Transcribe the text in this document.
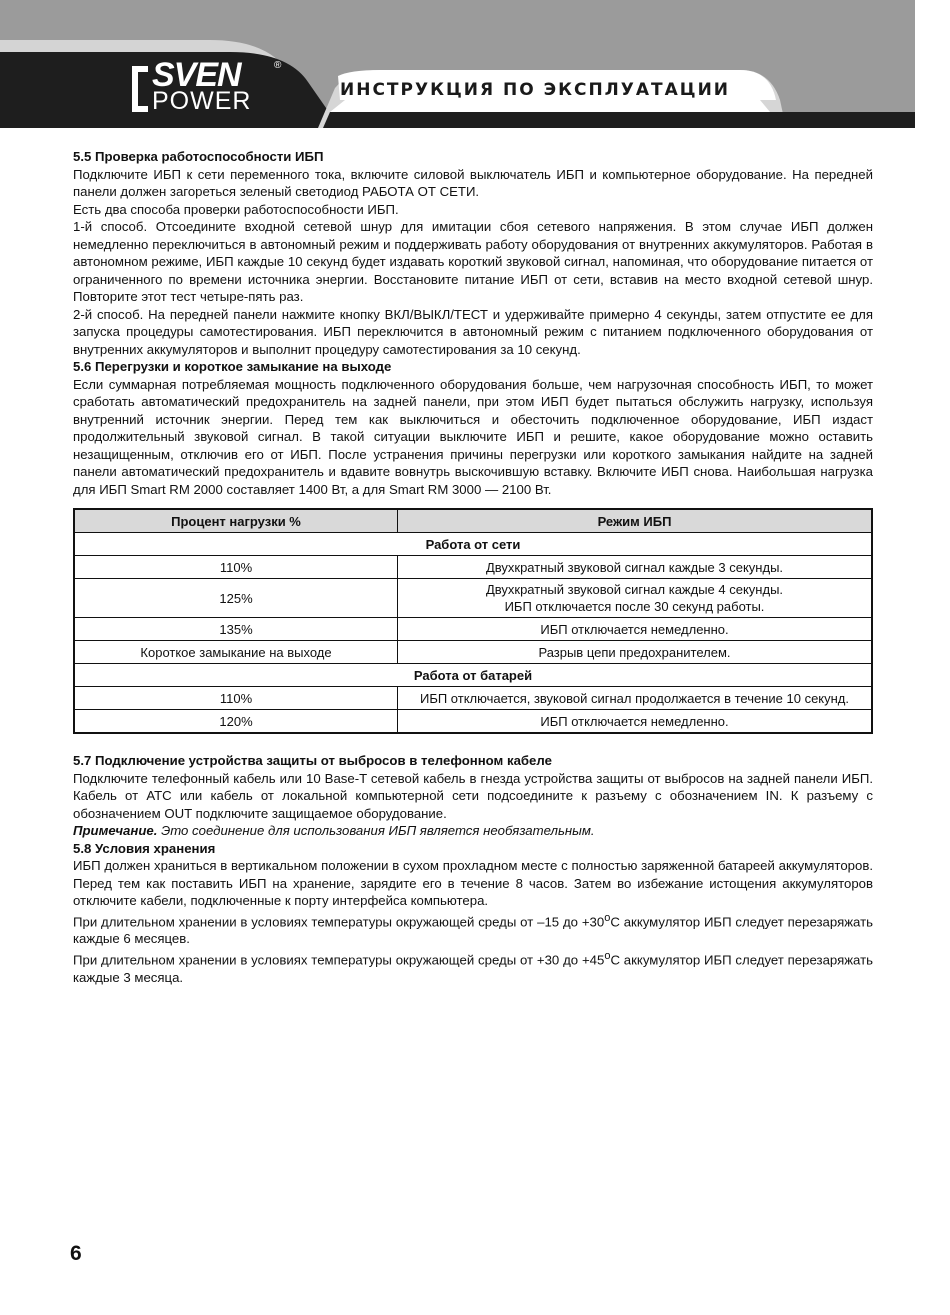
SVEN	®
POWER	ИНСТРУКЦИЯ ПО ЭКСПЛУАТАЦИИ
5.5 Проверка работоспособности ИБП

Подключите ИБП к сети переменного тока, включите силовой выключатель ИБП и компьютерное оборудование. На передней панели должен загореться зеленый светодиод РАБОТА ОТ СЕТИ.

Есть два способа проверки работоспособности ИБП.

1-й способ. Отсоедините входной сетевой шнур для имитации сбоя сетевого напряжения. В этом случае ИБП должен немедленно переключиться в автономный режим и поддерживать работу оборудования от внутренних аккумуляторов. Работая в автономном режиме, ИБП каждые 10 секунд будет издавать короткий звуковой сигнал, напоминая, что оборудование питается от ограниченного по времени источника энергии. Восстановите питание ИБП от сети, вставив на место входной сетевой шнур. Повторите этот тест четыре-пять раз.

2-й способ. На передней панели нажмите кнопку ВКЛ/ВЫКЛ/ТЕСТ и удерживайте примерно 4 секунды, затем отпустите ее для запуска процедуры самотестирования. ИБП переключится в автономный режим с питанием подключенного оборудования от внутренних аккумуляторов и выполнит процедуру самотестирования за 10 секунд.

5.6 Перегрузки и короткое замыкание на выходе

Если суммарная потребляемая мощность подключенного оборудования больше, чем нагрузочная способность ИБП, то может сработать автоматический предохранитель на задней панели, при этом ИБП будет пытаться обслужить нагрузку, используя внутренний источник энергии. Перед тем как выключиться и обесточить подключенное оборудование, ИБП издаст продолжительный звуковой сигнал. В такой ситуации выключите ИБП и решите, какое оборудование можно оставить незащищенным, отключив его от ИБП. После устранения причины перегрузки или короткого замыкания найдите на задней панели автоматический предохранитель и вдавите вовнутрь выскочившую вставку. Включите ИБП снова. Наибольшая нагрузка для ИБП Smart RM 2000 составляет 1400 Вт, а для Smart RM 3000 — 2100 Вт.

Процент нагрузки %	Режим ИБП
Работа от сети	
110%	Двухкратный звуковой сигнал каждые 3 секунды.
125%	Двухкратный звуковой сигнал каждые 4 секунды.
ИБП отключается после 30 секунд работы.

135%	ИБП отключается немедленно.
Короткое замыкание на выходе	Разрыв цепи предохранителем.
Работа от батарей	
110%	ИБП отключается, звуковой сигнал продолжается в течение 10 секунд.
120%	ИБП отключается немедленно.
5.7 Подключение устройства защиты от выбросов в телефонном кабеле

Подключите телефонный кабель или 10 Base-T сетевой кабель в гнезда устройства защиты от выбросов на задней панели ИБП. Кабель от АТС или кабель от локальной компьютерной сети подсоедините к разъему с обозначением IN. К разъему с обозначением OUT подключите защищаемое оборудование.

Примечание. Это соединение для использования ИБП является необязательным.

5.8 Условия хранения

ИБП должен храниться в вертикальном положении в сухом прохладном месте с полностью заряженной батареей аккумуляторов. Перед тем как поставить ИБП на хранение, зарядите его в течение 8 часов. Затем во избежание истощения аккумуляторов отключите кабели, подключенные к порту интерфейса компьютера.

При длительном хранении в условиях температуры окружающей среды от –15 до $+30^oС$ аккумулятор ИБП следует перезаряжать каждые 6 месяцев.

При длительном хранении в условиях температуры окружающей среды от +30 до $+45^oС$ аккумулятор ИБП следует перезаряжать каждые 3 месяца.

6
